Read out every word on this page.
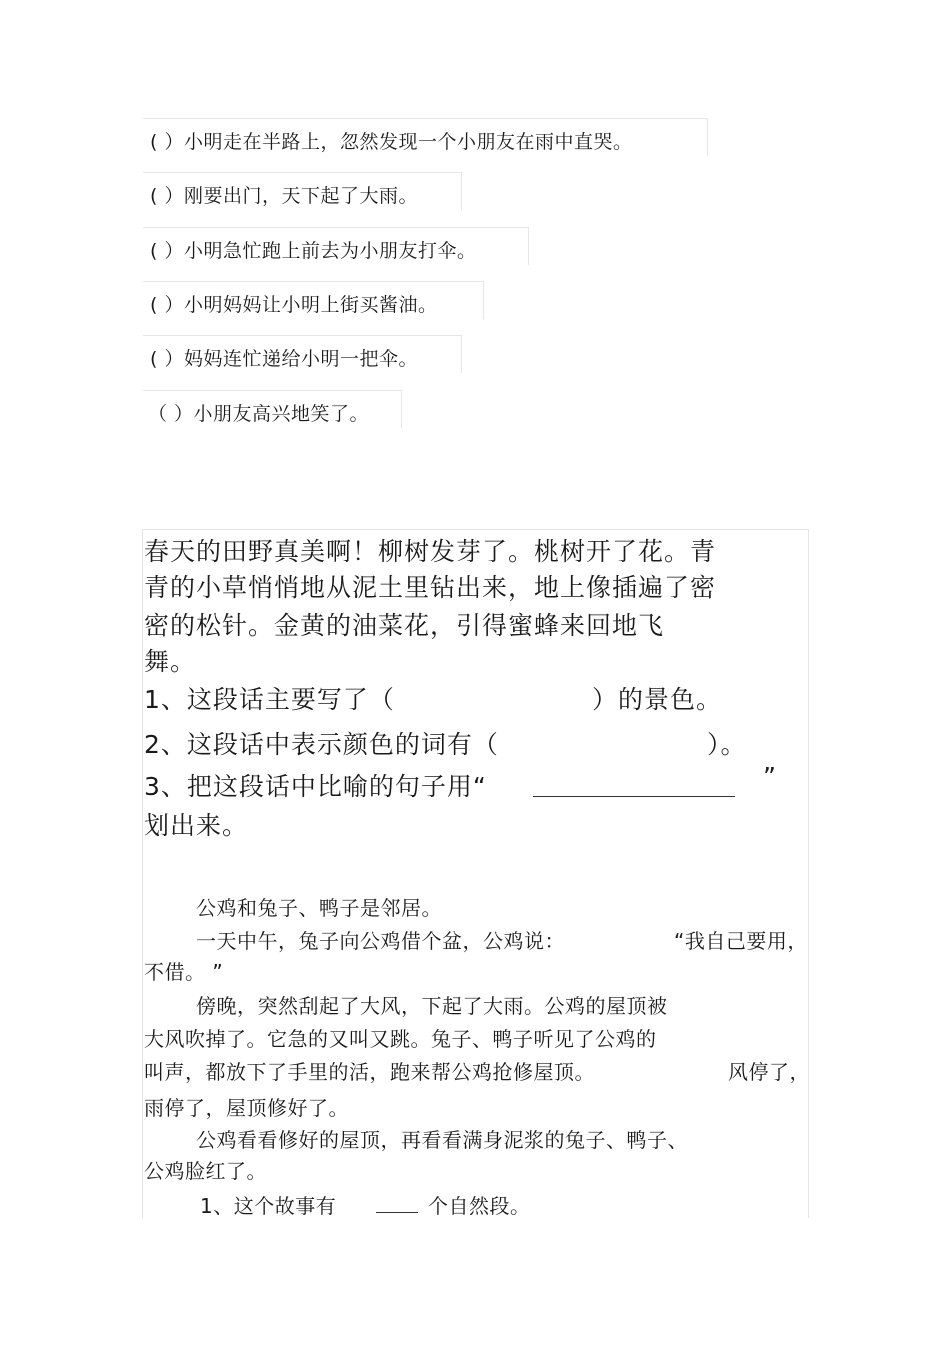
( ）小明走在半路上，忽然发现一个小朋友在雨中直哭。
( ）刚要出门，天下起了大雨。
( ）小明急忙跑上前去为小朋友打伞。
( ）小明妈妈让小明上街买酱油。
( ）妈妈连忙递给小明一把伞。
（ ）小朋友高兴地笑了。
春天的田野真美啊！柳树发芽了。桃树开了花。青
青的小草悄悄地从泥土里钻出来，地上像插遍了密
密的松针。金黄的油菜花，引得蜜蜂来回地飞
舞。
1、这段话主要写了（	）的景色。
2、这段话中表示颜色的词有（	）。
3、把这段话中比喻的句子用“	”
划出来。
公鸡和兔子、鸭子是邻居。
一天中午，兔子向公鸡借个盆，公鸡说：	“我自己要用，
不借。 ”
傍晚，突然刮起了大风，下起了大雨。公鸡的屋顶被
大风吹掉了。它急的又叫又跳。兔子、鸭子听见了公鸡的
叫声，都放下了手里的活，跑来帮公鸡抢修屋顶。	风停了，
雨停了，屋顶修好了。
公鸡看看修好的屋顶，再看看满身泥浆的兔子、鸭子、
公鸡脸红了。
1、这个故事有	个自然段。
